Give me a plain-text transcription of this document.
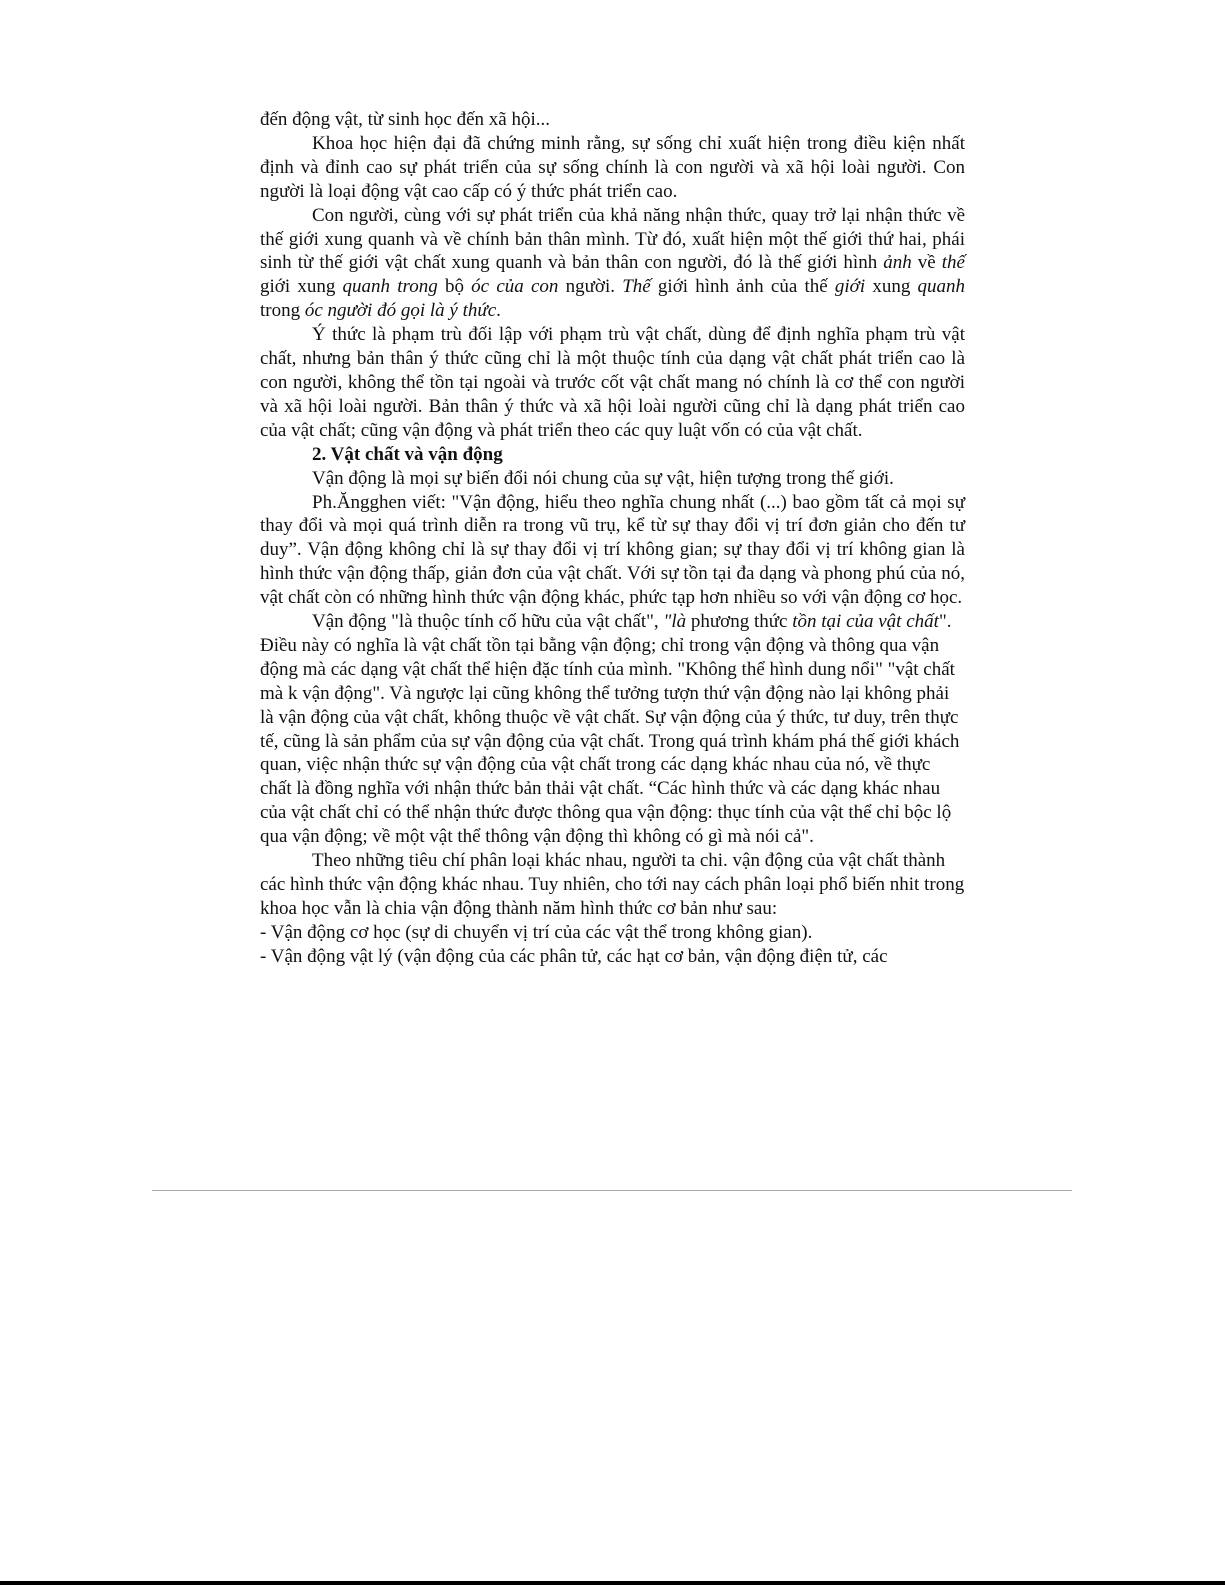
đến động vật, từ sinh học đến xã hội...

Khoa học hiện đại đã chứng minh rằng, sự sống chỉ xuất hiện trong điều kiện nhất định và đỉnh cao sự phát triển của sự sống chính là con người và xã hội loài người. Con người là loại động vật cao cấp có ý thức phát triển cao.

Con người, cùng với sự phát triển của khả năng nhận thức, quay trở lại nhận thức về thế giới xung quanh và về chính bản thân mình. Từ đó, xuất hiện một thế giới thứ hai, phái sinh từ thế giới vật chất xung quanh và bản thân con người, đó là thế giới hình ảnh về thế giới xung quanh trong bộ óc của con người. Thế giới hình ảnh của thế giới xung quanh trong óc người đó gọi là ý thức.

Ý thức là phạm trù đối lập với phạm trù vật chất, dùng để định nghĩa phạm trù vật chất, nhưng bản thân ý thức cũng chỉ là một thuộc tính của dạng vật chất phát triển cao là con người, không thể tồn tại ngoài và trước cốt vật chất mang nó chính là cơ thể con người và xã hội loài người. Bản thân ý thức và xã hội loài người cũng chỉ là dạng phát triển cao của vật chất; cũng vận động và phát triển theo các quy luật vốn có của vật chất.

2. Vật chất và vận động

Vận động là mọi sự biến đổi nói chung của sự vật, hiện tượng trong thế giới.

Ph.Ăngghen viết: "Vận động, hiểu theo nghĩa chung nhất (...) bao gồm tất cả mọi sự thay đổi và mọi quá trình diễn ra trong vũ trụ, kể từ sự thay đổi vị trí đơn giản cho đến tư duy”. Vận động không chỉ là sự thay đổi vị trí không gian; sự thay đổi vị trí không gian là hình thức vận động thấp, giản đơn của vật chất. Với sự tồn tại đa dạng và phong phú của nó, vật chất còn có những hình thức vận động khác, phức tạp hơn nhiều so với vận động cơ học.

Vận động "là thuộc tính cố hữu của vật chất", "là phương thức tồn tại của vật chất". Điều này có nghĩa là vật chất tồn tại bằng vận động; chỉ trong vận động và thông qua vận động mà các dạng vật chất thể hiện đặc tính của mình. "Không thể hình dung nổi" "vật chất mà k vận động". Và ngược lại cũng không thể tưởng tượn thứ vận động nào lại không phải là vận động của vật chất, không thuộc về vật chất. Sự vận động của ý thức, tư duy, trên thực tế, cũng là sản phẩm của sự vận động của vật chất. Trong quá trình khám phá thế giới khách quan, việc nhận thức sự vận động của vật chất trong các dạng khác nhau của nó, về thực chất là đồng nghĩa với nhận thức bản thải vật chất. “Các hình thức và các dạng khác nhau của vật chất chỉ có thể nhận thức được thông qua vận động: thục tính của vật thể chỉ bộc lộ qua vận động; về một vật thể thông vận động thì không có gì mà nói cả".

Theo những tiêu chí phân loại khác nhau, người ta chi. vận động của vật chất thành các hình thức vận động khác nhau. Tuy nhiên, cho tới nay cách phân loại phổ biến nhit trong khoa học vẫn là chia vận động thành năm hình thức cơ bản như sau:

- Vận động cơ học (sự di chuyển vị trí của các vật thể trong không gian).

- Vận động vật lý (vận động của các phân tử, các hạt cơ bản, vận động điện tử, các
